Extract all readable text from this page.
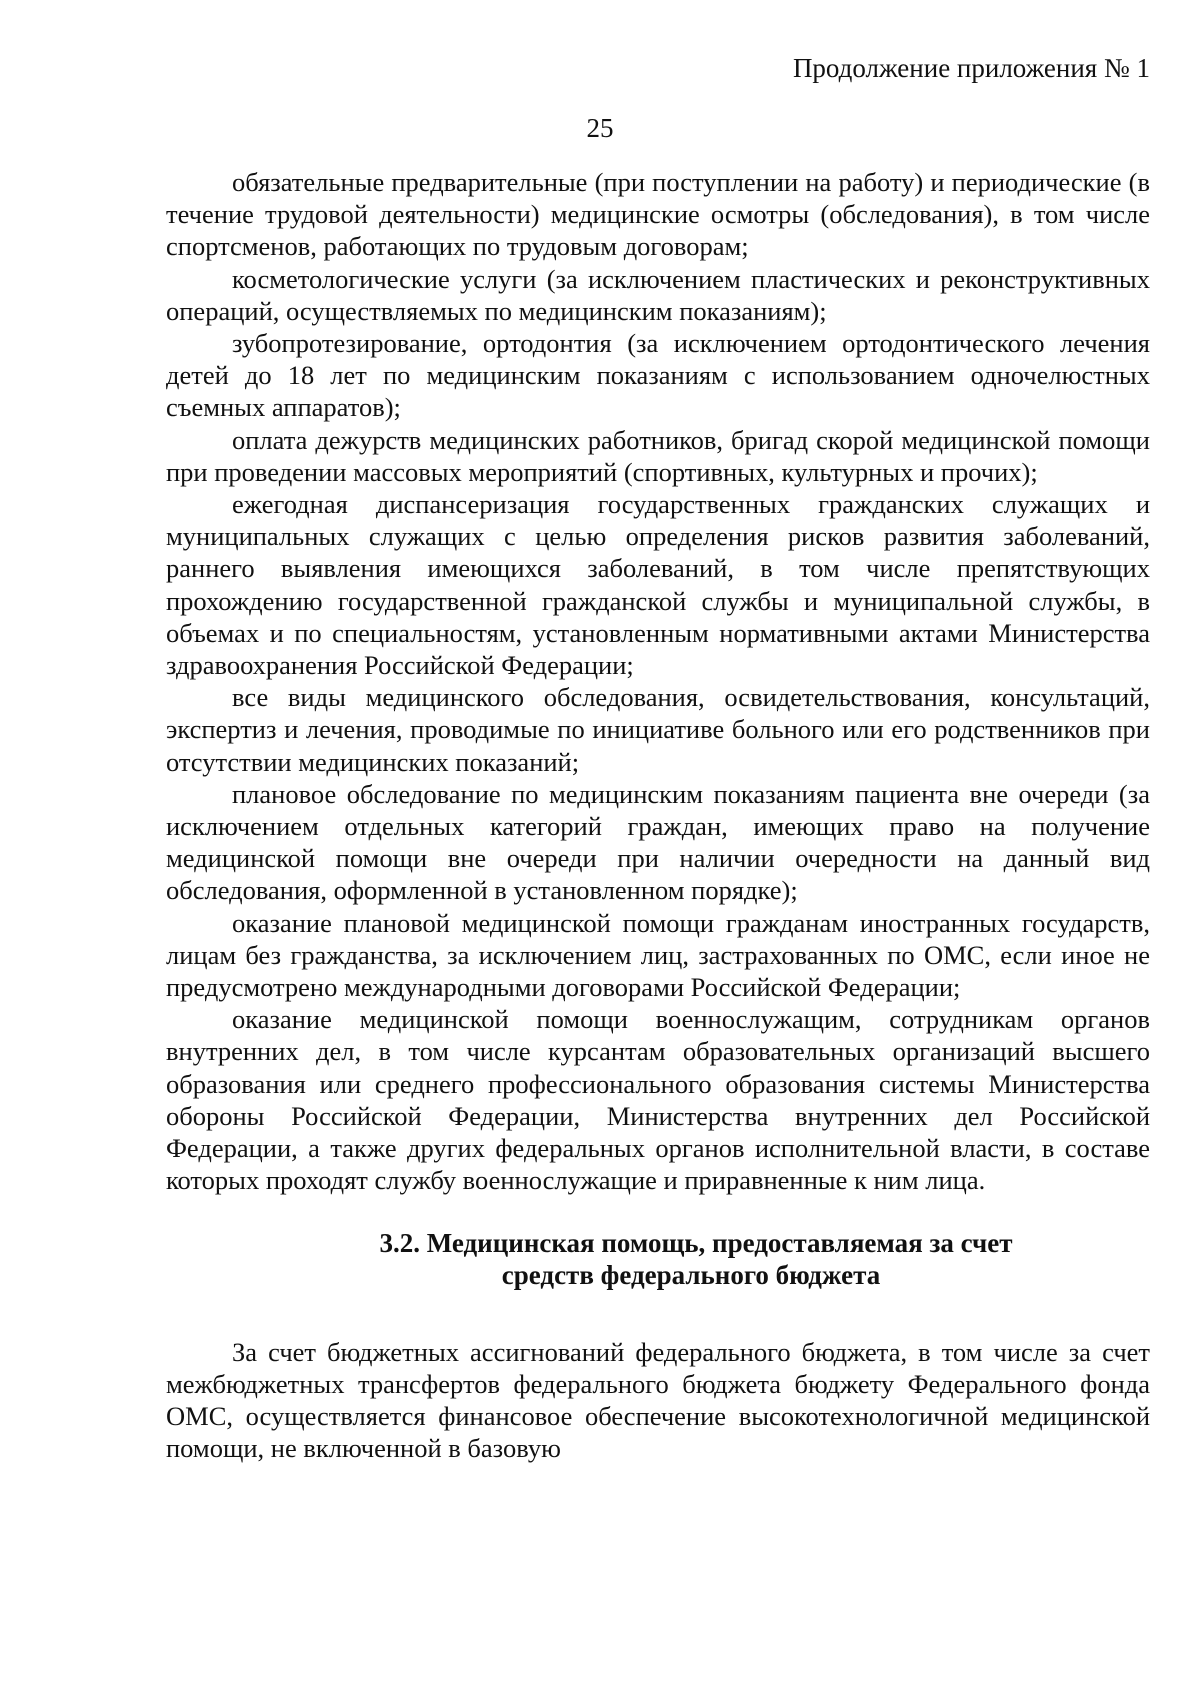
Продолжение приложения № 1
25

обязательные предварительные (при поступлении на работу) и периодические (в течение трудовой деятельности) медицинские осмотры (обследования), в том числе спортсменов, работающих по трудовым договорам;

косметологические услуги (за исключением пластических и реконструктивных операций, осуществляемых по медицинским показаниям);

зубопротезирование, ортодонтия (за исключением ортодонтического лечения детей до 18 лет по медицинским показаниям с использованием одночелюстных съемных аппаратов);

оплата дежурств медицинских работников, бригад скорой медицинской помощи при проведении массовых мероприятий (спортивных, культурных и прочих);

ежегодная диспансеризация государственных гражданских служащих и муниципальных служащих с целью определения рисков развития заболеваний, раннего выявления имеющихся заболеваний, в том числе препятствующих прохождению государственной гражданской службы и муниципальной службы, в объемах и по специальностям, установленным нормативными актами Министерства здравоохранения Российской Федерации;

все виды медицинского обследования, освидетельствования, консультаций, экспертиз и лечения, проводимые по инициативе больного или его родственников при отсутствии медицинских показаний;

плановое обследование по медицинским показаниям пациента вне очереди (за исключением отдельных категорий граждан, имеющих право на получение медицинской помощи вне очереди при наличии очередности на данный вид обследования, оформленной в установленном порядке);

оказание плановой медицинской помощи гражданам иностранных государств, лицам без гражданства, за исключением лиц, застрахованных по ОМС, если иное не предусмотрено международными договорами Российской Федерации;

оказание медицинской помощи военнослужащим, сотрудникам органов внутренних дел, в том числе курсантам образовательных организаций высшего образования или среднего профессионального образования системы Министерства обороны Российской Федерации, Министерства внутренних дел Российской Федерации, а также других федеральных органов исполнительной власти, в составе которых проходят службу военнослужащие и приравненные к ним лица.

3.2. Медицинская помощь, предоставляемая за счет
средств федерального бюджета

За счет бюджетных ассигнований федерального бюджета, в том числе за счет межбюджетных трансфертов федерального бюджета бюджету Федерального фонда ОМС, осуществляется финансовое обеспечение высокотехнологичной медицинской помощи, не включенной в базовую
